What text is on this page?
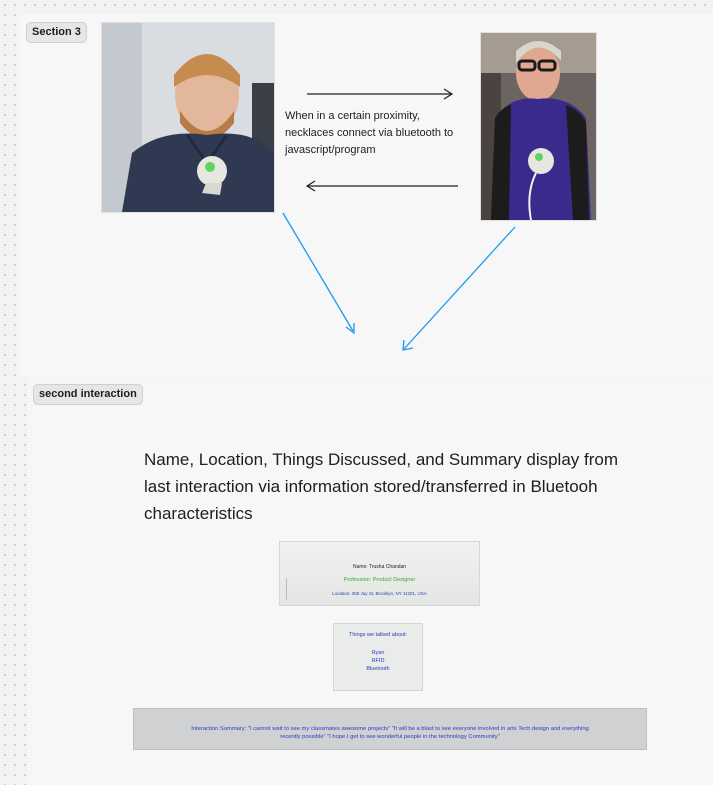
Section 3
When in a certain proximity,
necklaces connect via bluetooth to
javascript/program
second interaction
Name, Location, Things Discussed, and Summary display from
last interaction via information stored/transferred in Bluetooh
characteristics
Name: Trusha Chandan
Profession: Product Designer
Location: 368 Jay St, Brooklyn, NY 11201, USA
Things we talked about:
Ryan
RFID
Bluetooth
Interaction Summary: "I cannot wait to see my classmates awesome projects" "It will be a blast to see everyone involved in arts Tech design and everything
recently possible" "I hope I get to see wonderful people in the technology Community"
